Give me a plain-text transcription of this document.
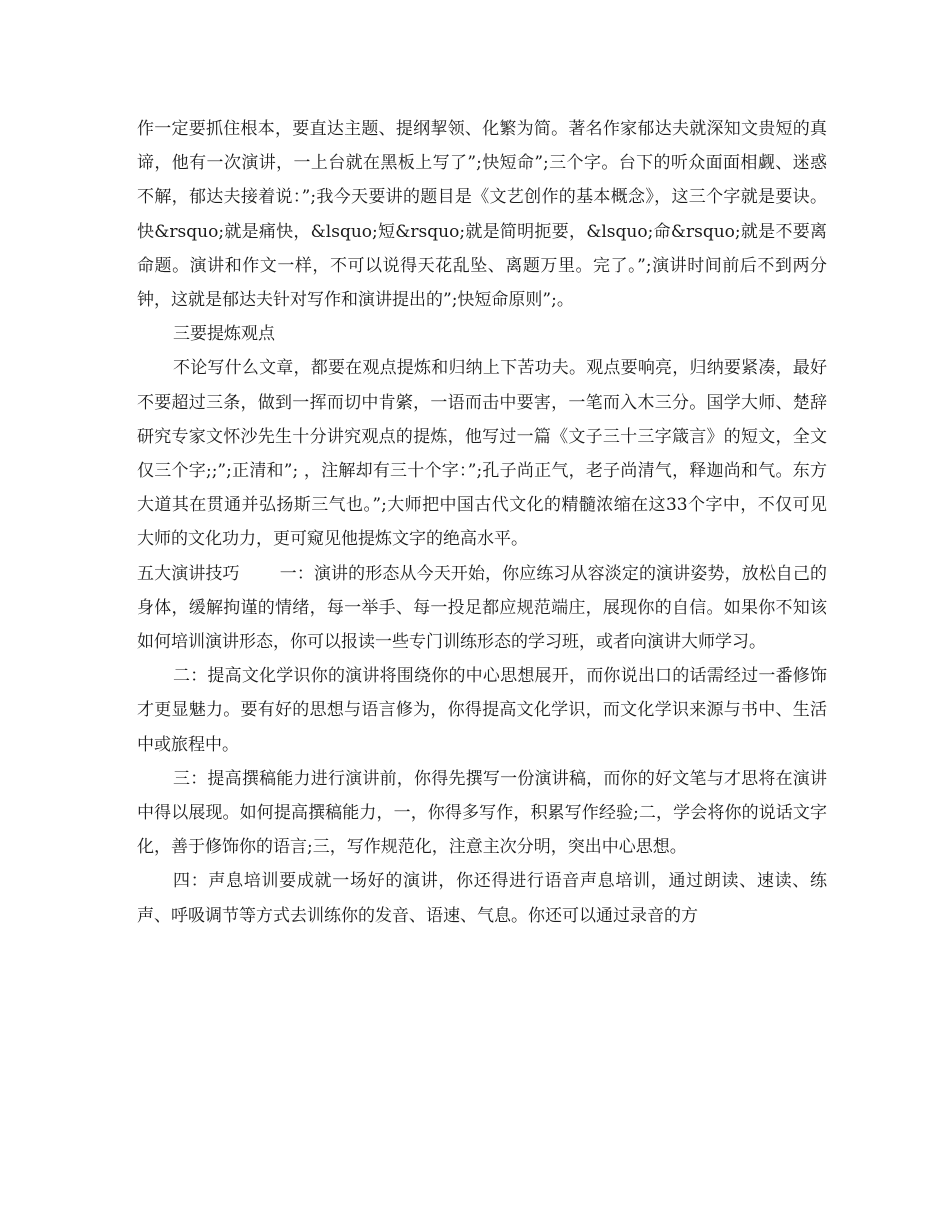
作一定要抓住根本，要直达主题、提纲挈领、化繁为简。著名作家郁达夫就深知文贵短的真谛，他有一次演讲，一上台就在黑板上写了”;快短命”;三个字。台下的听众面面相觑、迷惑不解，郁达夫接着说：”;我今天要讲的题目是《文艺创作的基本概念》，这三个字就是要诀。快&rsquo;就是痛快，&lsquo;短&rsquo;就是简明扼要，&lsquo;命&rsquo;就是不要离命题。演讲和作文一样，不可以说得天花乱坠、离题万里。完了。”;演讲时间前后不到两分钟，这就是郁达夫针对写作和演讲提出的”;快短命原则”;。

三要提炼观点

不论写什么文章，都要在观点提炼和归纳上下苦功夫。观点要响亮，归纳要紧凑，最好不要超过三条，做到一挥而切中肯綮，一语而击中要害，一笔而入木三分。国学大师、楚辞研究专家文怀沙先生十分讲究观点的提炼，他写过一篇《文子三十三字箴言》的短文，全文仅三个字;;”;正清和”; ，注解却有三十个字：”;孔子尚正气，老子尚清气，释迦尚和气。东方大道其在贯通并弘扬斯三气也。”;大师把中国古代文化的精髓浓缩在这33个字中，不仅可见大师的文化功力，更可窥见他提炼文字的绝高水平。

五大演讲技巧 一：演讲的形态从今天开始，你应练习从容淡定的演讲姿势，放松自己的身体，缓解拘谨的情绪，每一举手、每一投足都应规范端庄，展现你的自信。如果你不知该如何培训演讲形态，你可以报读一些专门训练形态的学习班，或者向演讲大师学习。

二：提高文化学识你的演讲将围绕你的中心思想展开，而你说出口的话需经过一番修饰才更显魅力。要有好的思想与语言修为，你得提高文化学识，而文化学识来源与书中、生活中或旅程中。

三：提高撰稿能力进行演讲前，你得先撰写一份演讲稿，而你的好文笔与才思将在演讲中得以展现。如何提高撰稿能力，一，你得多写作，积累写作经验;二，学会将你的说话文字化，善于修饰你的语言;三，写作规范化，注意主次分明，突出中心思想。

四：声息培训要成就一场好的演讲，你还得进行语音声息培训，通过朗读、速读、练声、呼吸调节等方式去训练你的发音、语速、气息。你还可以通过录音的方
